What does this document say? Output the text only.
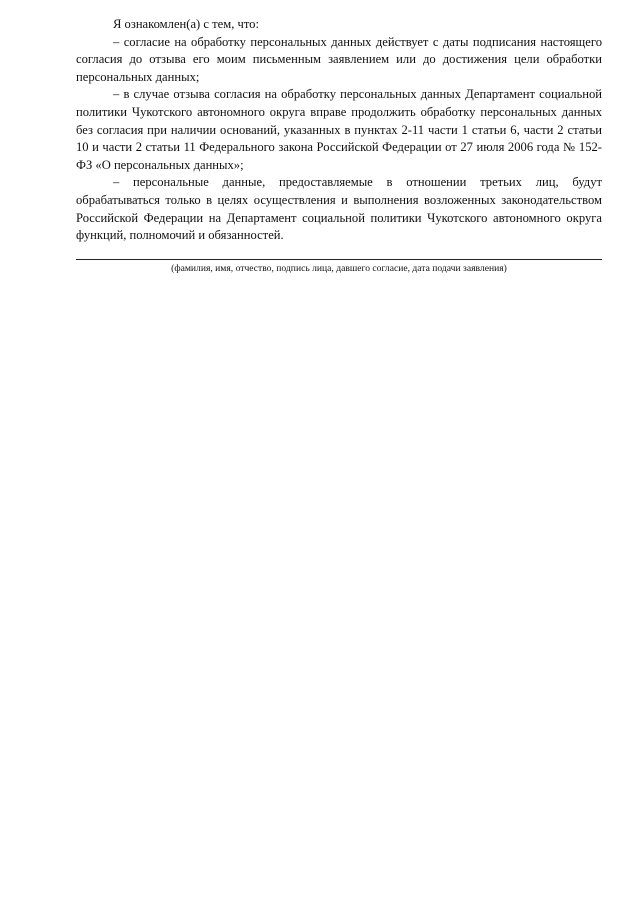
Я ознакомлен(а) с тем, что:

– согласие на обработку персональных данных действует с даты подписания настоящего согласия до отзыва его моим письменным заявлением или до достижения цели обработки персональных данных;

– в случае отзыва согласия на обработку персональных данных Департамент социальной политики Чукотского автономного округа вправе продолжить обработку персональных данных без согласия при наличии оснований, указанных в пунктах 2-11 части 1 статьи 6, части 2 статьи 10 и части 2 статьи 11 Федерального закона Российской Федерации от 27 июля 2006 года № 152-ФЗ «О персональных данных»;

– персональные данные, предоставляемые в отношении третьих лиц, будут обрабатываться только в целях осуществления и выполнения возложенных законодательством Российской Федерации на Департамент социальной политики Чукотского автономного округа функций, полномочий и обязанностей.

(фамилия, имя, отчество, подпись лица, давшего согласие, дата подачи заявления)
